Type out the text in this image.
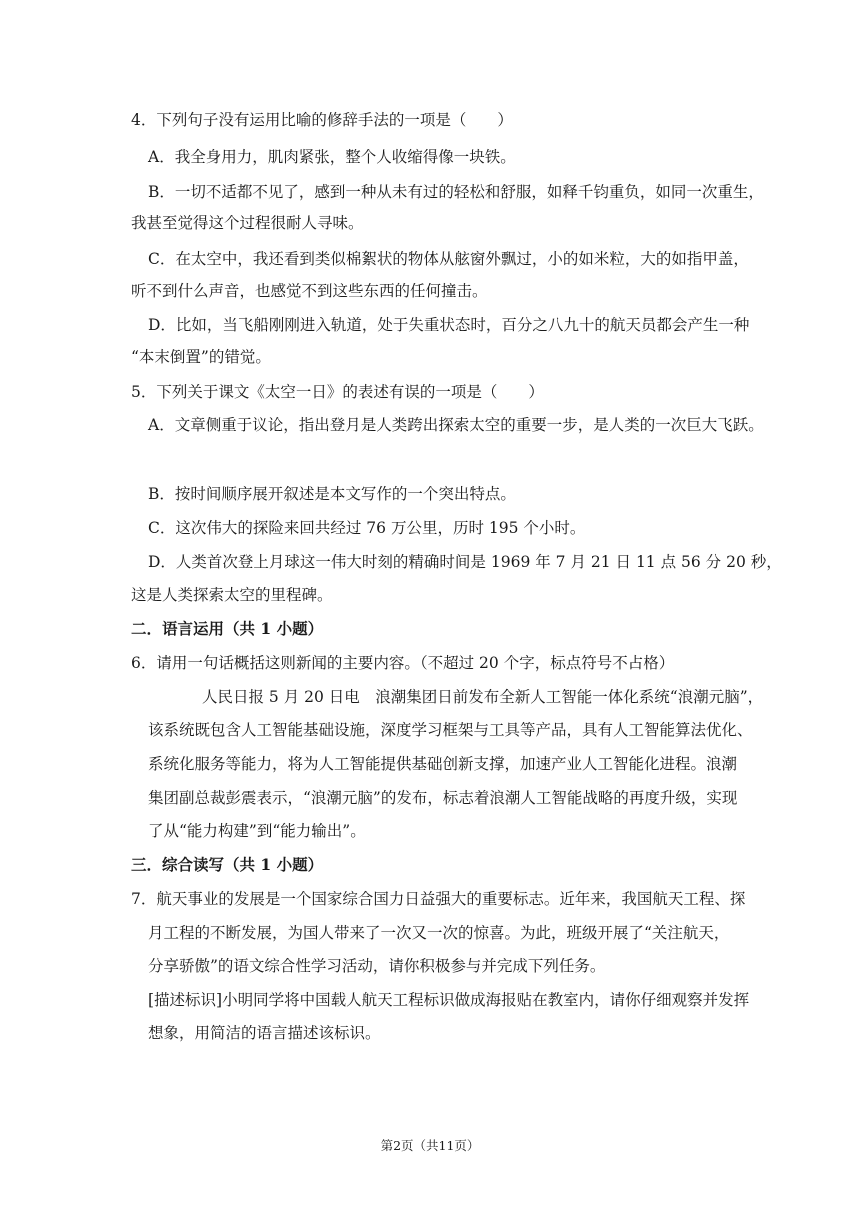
4．下列句子没有运用比喻的修辞手法的一项是（　　）
A．我全身用力，肌肉紧张，整个人收缩得像一块铁。
B．一切不适都不见了，感到一种从未有过的轻松和舒服，如释千钧重负，如同一次重生，
我甚至觉得这个过程很耐人寻味。
C．在太空中，我还看到类似棉絮状的物体从舷窗外飘过，小的如米粒，大的如指甲盖，
听不到什么声音，也感觉不到这些东西的任何撞击。
D．比如，当飞船刚刚进入轨道，处于失重状态时，百分之八九十的航天员都会产生一种
“本末倒置”的错觉。
5．下列关于课文《太空一日》的表述有误的一项是（　　）
A．文章侧重于议论，指出登月是人类跨出探索太空的重要一步，是人类的一次巨大飞跃。
B．按时间顺序展开叙述是本文写作的一个突出特点。
C．这次伟大的探险来回共经过 76 万公里，历时 195 个小时。
D．人类首次登上月球这一伟大时刻的精确时间是 1969 年 7 月 21 日 11 点 56 分 20 秒，
这是人类探索太空的里程碑。
二．语言运用（共 1 小题）
6．请用一句话概括这则新闻的主要内容。（不超过 20 个字，标点符号不占格）
人民日报 5 月 20 日电　浪潮集团日前发布全新人工智能一体化系统“浪潮元脑”，
该系统既包含人工智能基础设施，深度学习框架与工具等产品，具有人工智能算法优化、
系统化服务等能力，将为人工智能提供基础创新支撑，加速产业人工智能化进程。浪潮
集团副总裁彭震表示，“浪潮元脑”的发布，标志着浪潮人工智能战略的再度升级，实现
了从“能力构建”到“能力输出”。
三．综合读写（共 1 小题）
7．航天事业的发展是一个国家综合国力日益强大的重要标志。近年来，我国航天工程、探
月工程的不断发展，为国人带来了一次又一次的惊喜。为此，班级开展了“关注航天，
分享骄傲”的语文综合性学习活动，请你积极参与并完成下列任务。
[描述标识]小明同学将中国载人航天工程标识做成海报贴在教室内，请你仔细观察并发挥
想象，用简洁的语言描述该标识。
第2页（共11页）
